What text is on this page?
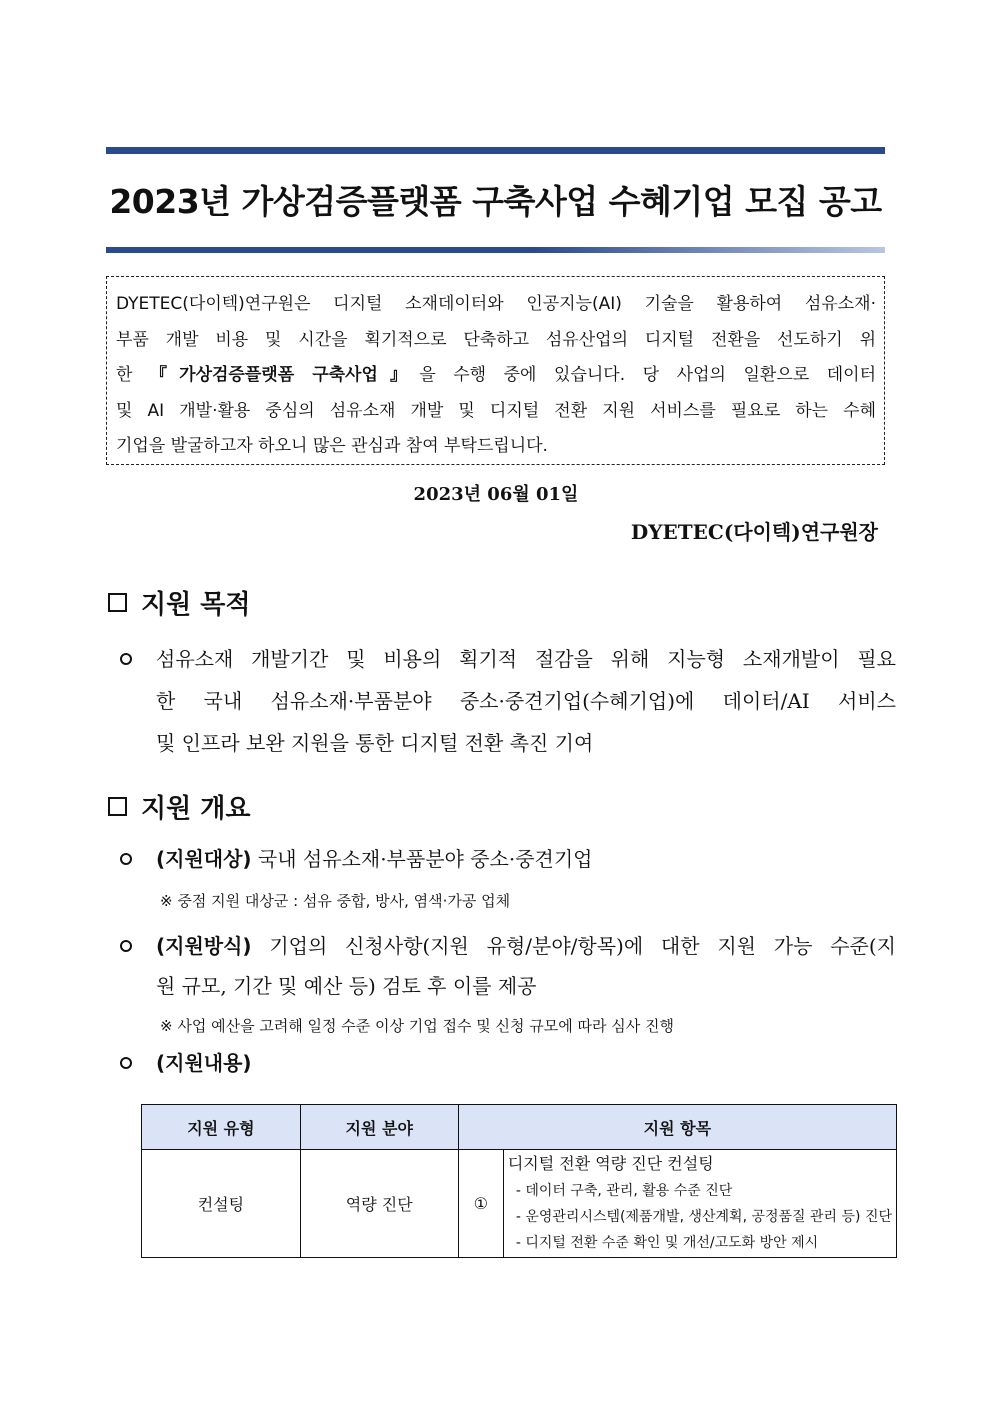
2023년 가상검증플랫폼 구축사업 수혜기업 모집 공고
DYETEC(다이텍)연구원은 디지털 소재데이터와 인공지능(AI) 기술을 활용하여 섬유소재·
부품 개발 비용 및 시간을 획기적으로 단축하고 섬유산업의 디지털 전환을 선도하기 위
한 『가상검증플랫폼 구축사업』을 수행 중에 있습니다. 당 사업의 일환으로 데이터
및 AI 개발·활용 중심의 섬유소재 개발 및 디지털 전환 지원 서비스를 필요로 하는 수혜
기업을 발굴하고자 하오니 많은 관심과 참여 부탁드립니다.
2023년 06월 01일
DYETEC(다이텍)연구원장
지원 목적
섬유소재 개발기간 및 비용의 획기적 절감을 위해 지능형 소재개발이 필요
한 국내 섬유소재·부품분야 중소·중견기업(수혜기업)에 데이터/AI 서비스
및 인프라 보완 지원을 통한 디지털 전환 촉진 기여
지원 개요
(지원대상) 국내 섬유소재·부품분야 중소·중견기업
※ 중점 지원 대상군 : 섬유 중합, 방사, 염색·가공 업체
(지원방식) 기업의 신청사항(지원 유형/분야/항목)에 대한 지원 가능 수준(지
원 규모, 기간 및 예산 등) 검토 후 이를 제공
※ 사업 예산을 고려해 일정 수준 이상 기업 접수 및 신청 규모에 따라 심사 진행
(지원내용)
지원 유형	지원 분야	지원 항목	
컨설팅	역량 진단	①	디지털 전환 역량 진단 컨설팅
- 데이터 구축, 관리, 활용 수준 진단
- 운영관리시스템(제품개발, 생산계획, 공정품질 관리 등) 진단
- 디지털 전환 수준 확인 및 개선/고도화 방안 제시
